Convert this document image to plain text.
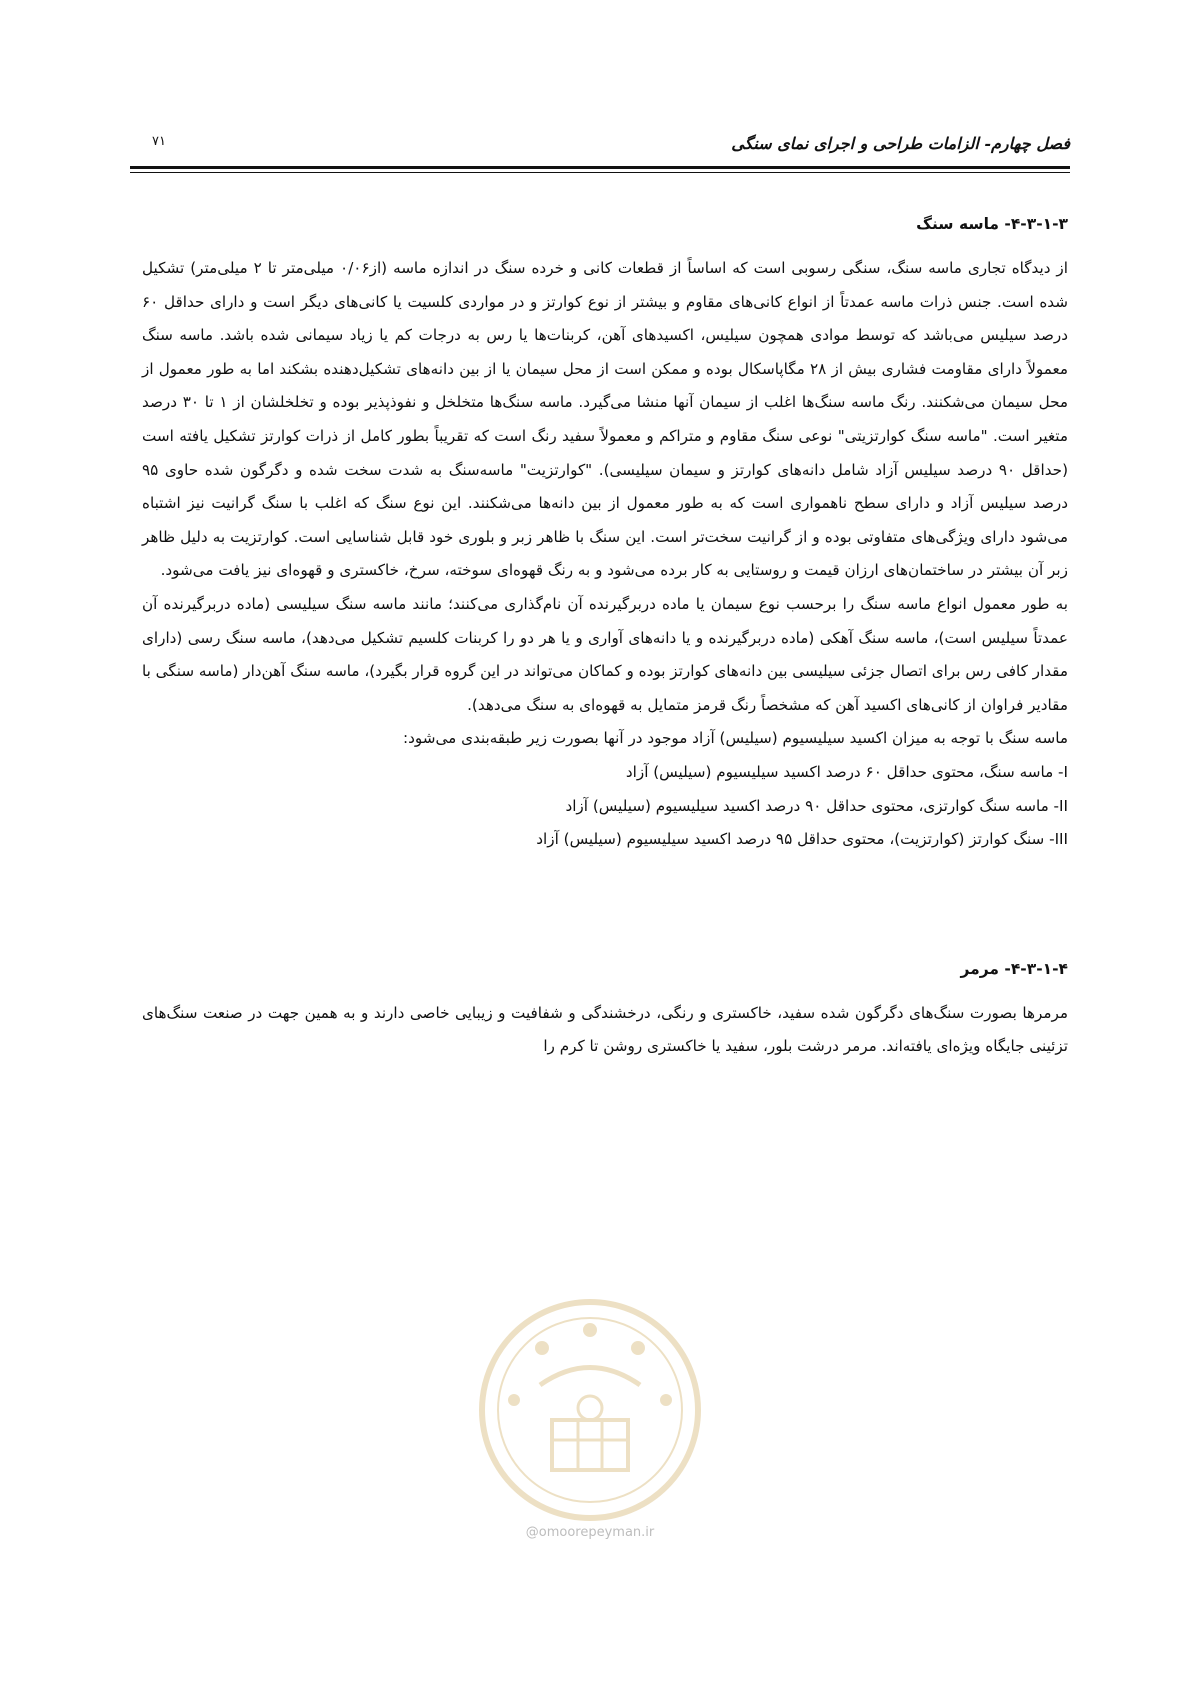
فصل چهارم- الزامات طراحی و اجرای نمای سنگی
۷۱
۴-۳-۱-۳- ماسه سنگ

از دیدگاه تجاری ماسه سنگ، سنگی رسوبی است که اساساً از قطعات کانی و خرده سنگ در اندازه ماسه (از۰/۰۶ میلی‌متر تا ۲ میلی‌متر) تشکیل شده است. جنس ذرات ماسه عمدتاً از انواع کانی‌های مقاوم و بیشتر از نوع کوارتز و در مواردی کلسیت یا کانی‌های دیگر است و دارای حداقل ۶۰ درصد سیلیس می‌باشد که توسط موادی همچون سیلیس، اکسیدهای آهن، کربنات‌ها یا رس به درجات کم یا زیاد سیمانی شده باشد. ماسه سنگ معمولاً دارای مقاومت فشاری بیش از ۲۸ مگاپاسکال بوده و ممکن است از محل سیمان یا از بین دانه‌های تشکیل‌دهنده بشکند اما به طور معمول از محل سیمان می‌شکنند. رنگ ماسه سنگ‌ها اغلب از سیمان آنها منشا می‌گیرد. ماسه سنگ‌ها متخلخل و نفوذپذیر بوده و تخلخلشان از ۱ تا ۳۰ درصد متغیر است. "ماسه سنگ کوارتزیتی" نوعی سنگ مقاوم و متراکم و معمولاً سفید رنگ است که تقریباً بطور کامل از ذرات کوارتز تشکیل یافته است (حداقل ۹۰ درصد سیلیس آزاد شامل دانه‌های کوارتز و سیمان سیلیسی). "کوارتزیت" ماسه‌سنگ به شدت سخت شده و دگرگون شده حاوی ۹۵ درصد سیلیس آزاد و دارای سطح ناهمواری است که به طور معمول از بین دانه‌ها می‌شکنند. این نوع سنگ که اغلب با سنگ گرانیت نیز اشتباه می‌شود دارای ویژگی‌های متفاوتی بوده و از گرانیت سخت‌تر است. این سنگ با ظاهر زبر و بلوری خود قابل شناسایی است. کوارتزیت به دلیل ظاهر زبر آن بیشتر در ساختمان‌های ارزان قیمت و روستایی به کار برده می‌شود و به رنگ قهوه‌ای سوخته، سرخ، خاکستری و قهوه‌ای نیز یافت می‌شود.

به طور معمول انواع ماسه سنگ را برحسب نوع سیمان یا ماده دربرگیرنده آن نام‌گذاری می‌کنند؛ مانند ماسه سنگ سیلیسی (ماده دربرگیرنده آن عمدتاً سیلیس است)، ماسه سنگ آهکی (ماده دربرگیرنده و یا دانه‌های آواری و یا هر دو را کربنات کلسیم تشکیل می‌دهد)، ماسه سنگ رسی (دارای مقدار کافی رس برای اتصال جزئی سیلیسی بین دانه‌های کوارتز بوده و کماکان می‌تواند در این گروه قرار بگیرد)، ماسه سنگ آهن‌دار (ماسه سنگی با مقادیر فراوان از کانی‌های اکسید آهن که مشخصاً رنگ قرمز متمایل به قهوه‌ای به سنگ می‌دهد).

ماسه سنگ با توجه به میزان اکسید سیلیسیوم (سیلیس) آزاد موجود در آنها بصورت زیر طبقه‌بندی می‌شود:

I- ماسه سنگ، محتوی حداقل ۶۰ درصد اکسید سیلیسیوم (سیلیس) آزاد
II- ماسه سنگ کوارتزی، محتوی حداقل ۹۰ درصد اکسید سیلیسیوم (سیلیس) آزاد
III- سنگ کوارتز (کوارتزیت)، محتوی حداقل ۹۵ درصد اکسید سیلیسیوم (سیلیس) آزاد
۴-۳-۱-۴- مرمر

مرمرها بصورت سنگ‌های دگرگون شده سفید، خاکستری و رنگی، درخشندگی و شفافیت و زیبایی خاصی دارند و به همین جهت در صنعت سنگ‌های تزئینی جایگاه ویژه‌ای یافته‌اند. مرمر درشت بلور، سفید یا خاکستری روشن تا کرم را

@omoorepeyman.ir
